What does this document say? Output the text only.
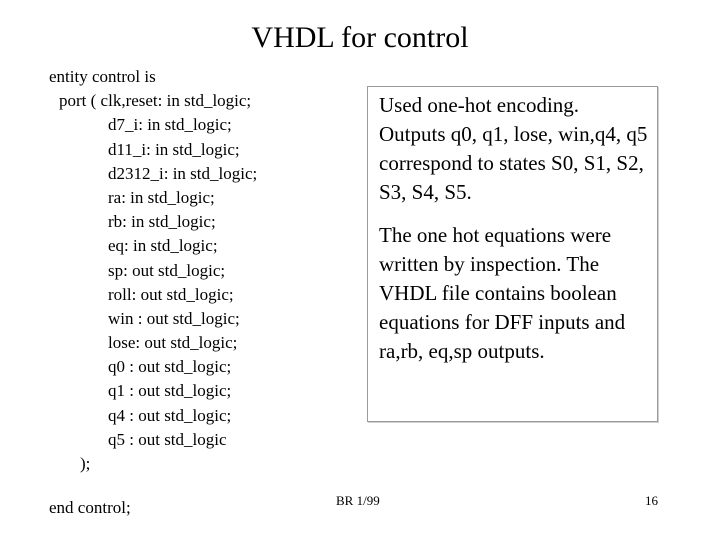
VHDL for control
entity control is
port ( clk,reset: in std_logic;
d7_i: in std_logic;
d11_i: in std_logic;
d2312_i: in std_logic;
ra: in std_logic;
rb: in std_logic;
eq: in std_logic;
sp: out std_logic;
roll: out std_logic;
win : out std_logic;
lose: out std_logic;
q0 : out std_logic;
q1 : out std_logic;
q4 : out std_logic;
q5 : out std_logic
);
end control;

Used one-hot encoding. Outputs q0, q1, lose, win,q4, q5 correspond to states S0, S1, S2, S3, S4, S5.

The one hot equations were written by inspection. The VHDL file contains boolean equations for DFF inputs and ra,rb, eq,sp outputs.

BR 1/99	16
